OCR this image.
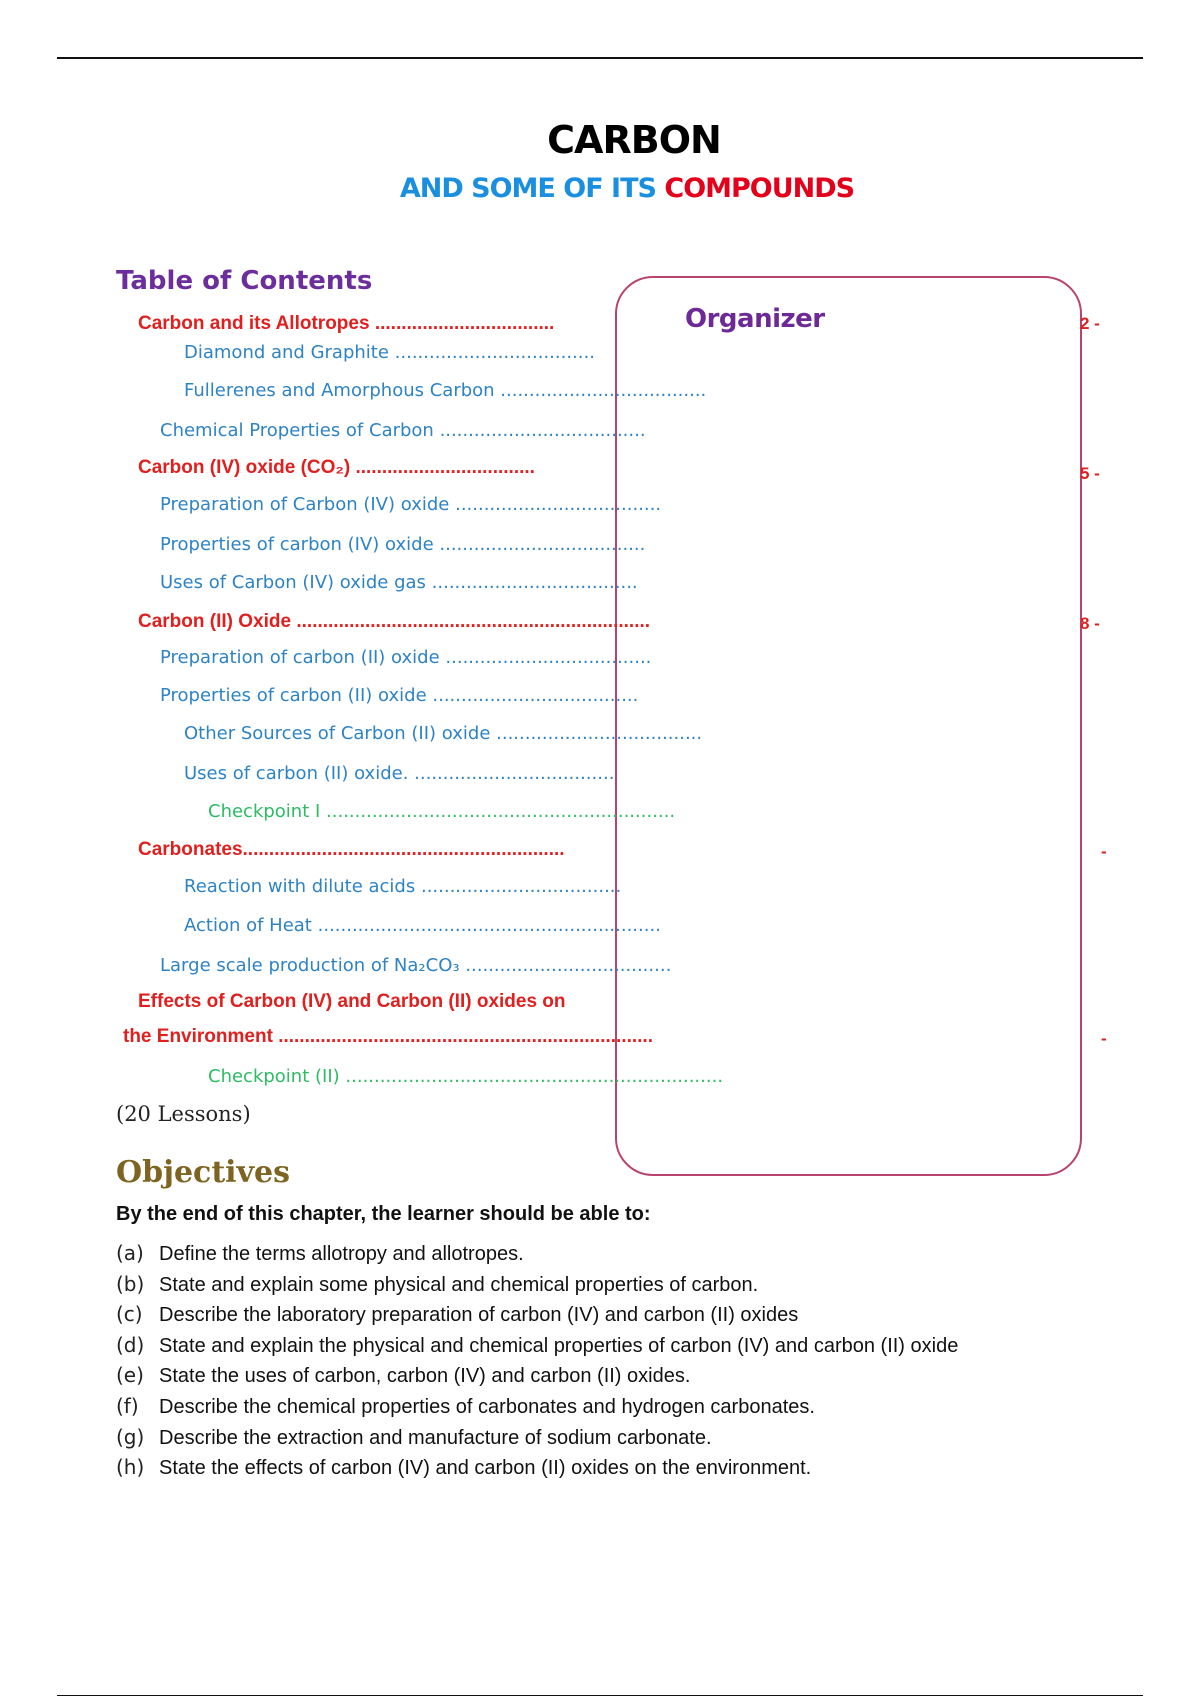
CARBON
AND SOME OF ITS COMPOUNDS
Table of Contents
Organizer
Carbon and its Allotropes ..................................
Diamond and Graphite ...................................
Fullerenes and Amorphous Carbon ....................................
Chemical Properties of Carbon ....................................
Carbon (IV) oxide (CO₂) ..................................
Preparation of Carbon (IV) oxide ....................................
Properties of carbon (IV) oxide ....................................
Uses of Carbon (IV) oxide gas ....................................
Carbon (II) Oxide ...................................................................
Preparation of carbon (II) oxide ....................................
Properties of carbon (II) oxide ....................................
Other Sources of Carbon (II) oxide ....................................
Uses of carbon (II) oxide. ...................................
Checkpoint I .............................................................
Carbonates.............................................................
Reaction with dilute acids ...................................
Action of Heat ............................................................
Large scale production of Na₂CO₃ ....................................
Effects of Carbon (IV) and Carbon (II) oxides on
the Environment .......................................................................
Checkpoint (II) ..................................................................
2 -
5 -
8 -
-
-
(20 Lessons)
Objectives
By the end of this chapter, the learner should be able to:
(a) Define the terms allotropy and allotropes.
(b) State and explain some physical and chemical properties of carbon.
(c) Describe the laboratory preparation of carbon (IV) and carbon (II) oxides
(d) State and explain the physical and chemical properties of carbon (IV) and carbon (II) oxide
(e) State the uses of carbon, carbon (IV) and carbon (II) oxides.
(f) Describe the chemical properties of carbonates and hydrogen carbonates.
(g) Describe the extraction and manufacture of sodium carbonate.
(h) State the effects of carbon (IV) and carbon (II) oxides on the environment.
